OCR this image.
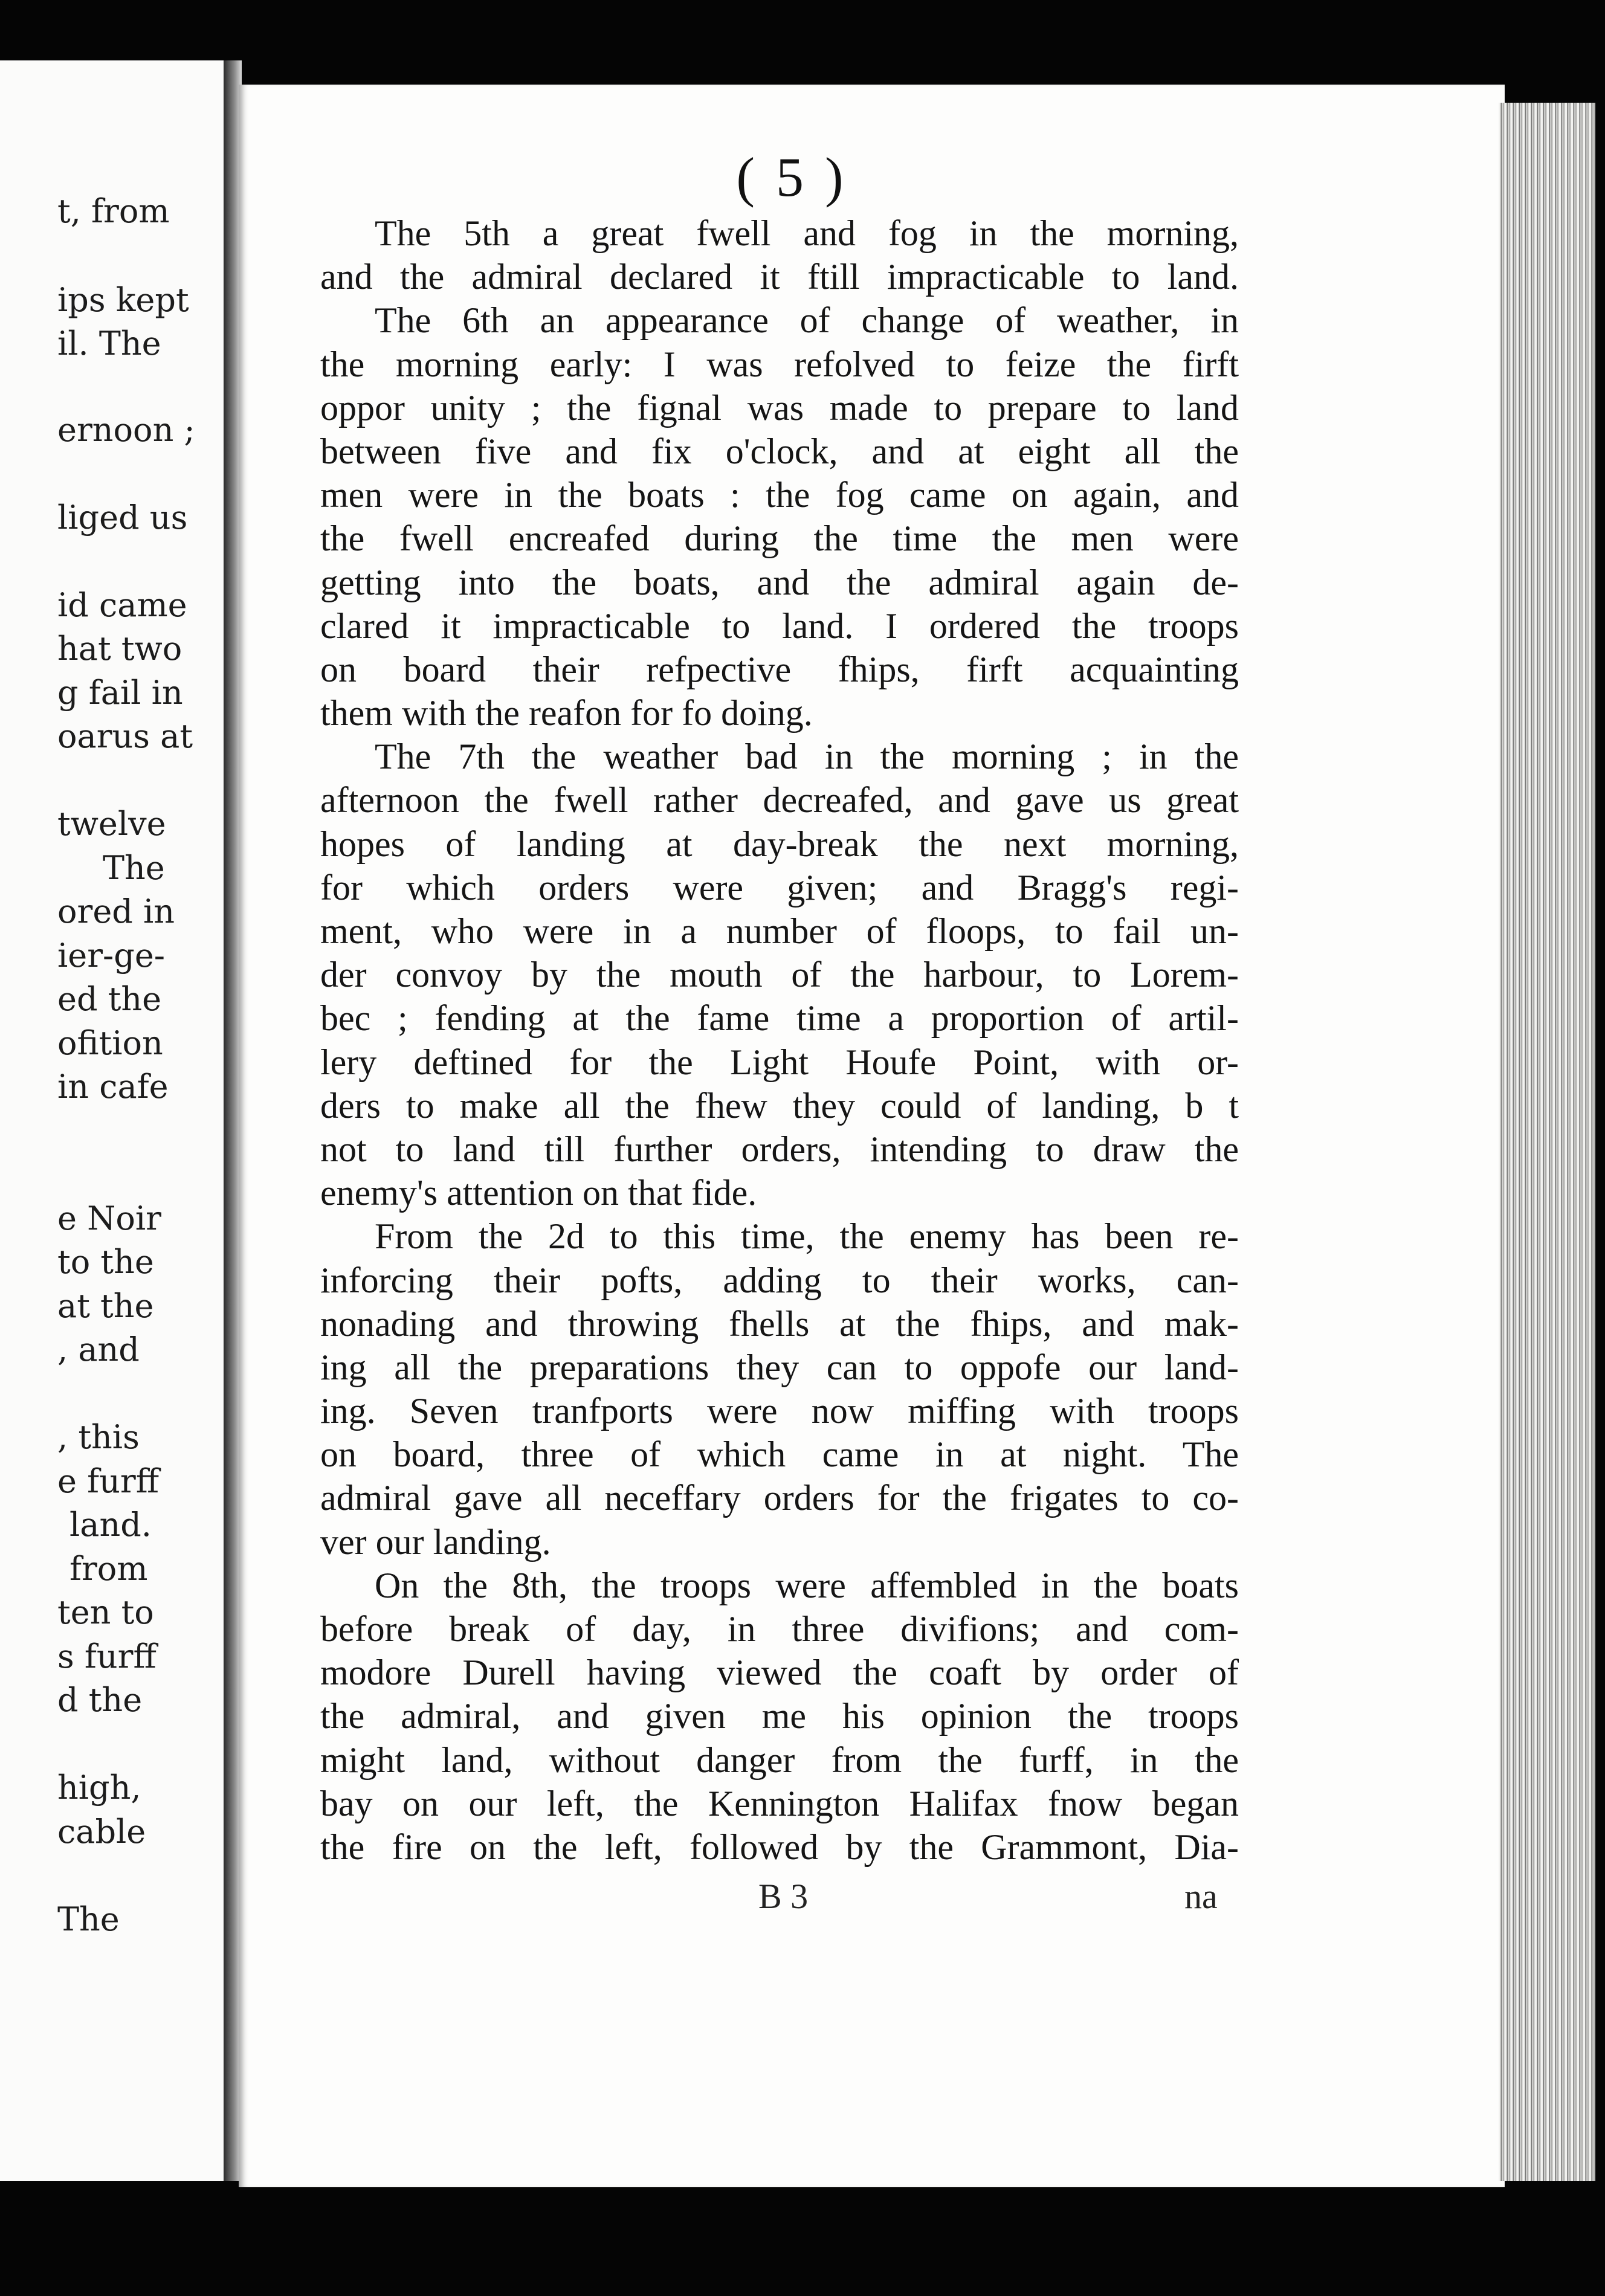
t, from
ips kept
il. The
ernoon ;
liged us
id came
hat two
g fail in
oarus at
twelve
The
ored in
ier-ge-
ed the
ofition
in cafe
e Noir
to the
at the
, and
, this
e furff
land.
from
ten to
s furff
d the
high,
cable
The
( 5 )
The 5th a great fwell and fog in the morning,
and the admiral declared it ftill impracticable to land.
The 6th an appearance of change of weather, in
the morning early: I was refolved to feize the firft
oppor unity ; the fignal was made to prepare to land
between five and fix o'clock, and at eight all the
men were in the boats : the fog came on again, and
the fwell encreafed during the time the men were
getting into the boats, and the admiral again de-
clared it impracticable to land. I ordered the troops
on board their refpective fhips, firft acquainting
them with the reafon for fo doing.
The 7th the weather bad in the morning ; in the
afternoon the fwell rather decreafed, and gave us great
hopes of landing at day-break the next morning,
for which orders were given; and Bragg's regi-
ment, who were in a number of floops, to fail un-
der convoy by the mouth of the harbour, to Lorem-
bec ; fending at the fame time a proportion of artil-
lery deftined for the Light Houfe Point, with or-
ders to make all the fhew they could of landing, b t
not to land till further orders, intending to draw the
enemy's attention on that fide.
From the 2d to this time, the enemy has been re-
inforcing their pofts, adding to their works, can-
nonading and throwing fhells at the fhips, and mak-
ing all the preparations they can to oppofe our land-
ing. Seven tranfports were now miffing with troops
on board, three of which came in at night. The
admiral gave all neceffary orders for the frigates to co-
ver our landing.
On the 8th, the troops were affembled in the boats
before break of day, in three divifions; and com-
modore Durell having viewed the coaft by order of
the admiral, and given me his opinion the troops
might land, without danger from the furff, in the
bay on our left, the Kennington Halifax fnow began
the fire on the left, followed by the Grammont, Dia-
B 3	na
